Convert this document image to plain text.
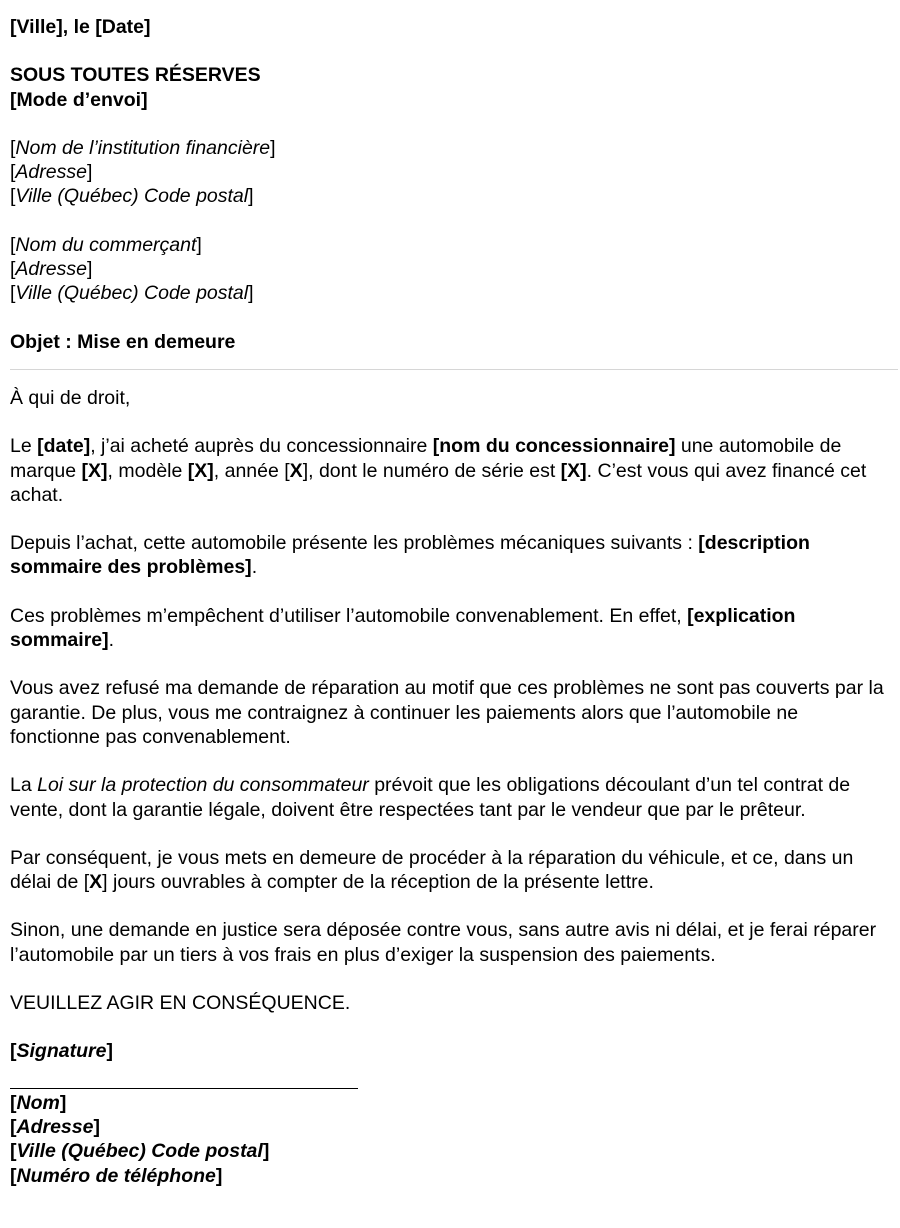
[Ville], le [Date]

SOUS TOUTES RÉSERVES

[Mode d’envoi]

[Nom de l’institution financière]

[Adresse]

[Ville (Québec) Code postal]

[Nom du commerçant]

[Adresse]

[Ville (Québec) Code postal]

Objet : Mise en demeure

À qui de droit,

Le [date], j’ai acheté auprès du concessionnaire [nom du concessionnaire] une automobile de marque [X], modèle [X], année [X], dont le numéro de série est [X]. C’est vous qui avez financé cet achat.

Depuis l’achat, cette automobile présente les problèmes mécaniques suivants : [description sommaire des problèmes].

Ces problèmes m’empêchent d’utiliser l’automobile convenablement. En effet, [explication sommaire].

Vous avez refusé ma demande de réparation au motif que ces problèmes ne sont pas couverts par la garantie. De plus, vous me contraignez à continuer les paiements alors que l’automobile ne fonctionne pas convenablement.

La Loi sur la protection du consommateur prévoit que les obligations découlant d’un tel contrat de vente, dont la garantie légale, doivent être respectées tant par le vendeur que par le prêteur.

Par conséquent, je vous mets en demeure de procéder à la réparation du véhicule, et ce, dans un délai de [X] jours ouvrables à compter de la réception de la présente lettre.

Sinon, une demande en justice sera déposée contre vous, sans autre avis ni délai, et je ferai réparer l’automobile par un tiers à vos frais en plus d’exiger la suspension des paiements.

VEUILLEZ AGIR EN CONSÉQUENCE.

[Signature]

[Nom]

[Adresse]

[Ville (Québec) Code postal]

[Numéro de téléphone]
